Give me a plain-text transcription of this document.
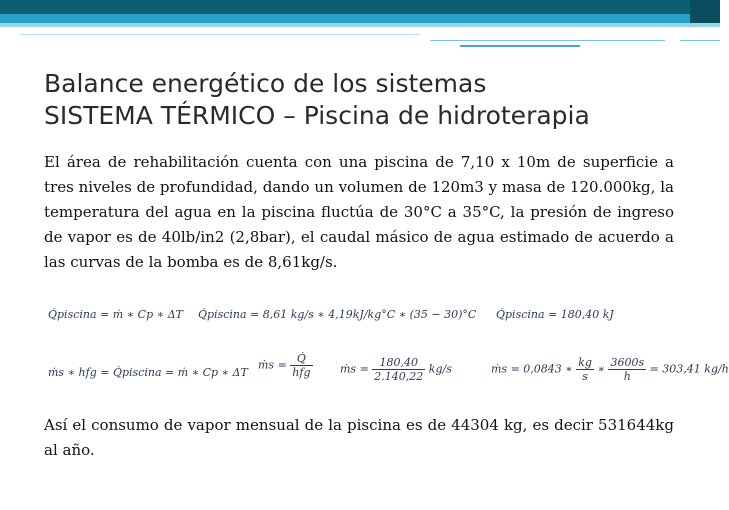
Balance energético de los sistemas
SISTEMA TÉRMICO – Piscina de hidroterapia
El área de rehabilitación cuenta con una piscina de 7,10 x 10m de superficie a tres niveles de profundidad, dando un volumen de 120m3 y masa de 120.000kg, la temperatura del agua en la piscina fluctúa de 30°C a 35°C, la presión de ingreso de vapor es de 40lb/in2 (2,8bar), el caudal másico de agua estimado de acuerdo a las curvas de la bomba es de 8,61kg/s.
Q̇piscina = ṁ ∗ Cp ∗ ΔT Q̇piscina = 8,61 kg/s ∗ 4,19kJ/kg°C ∗ (35 − 30)°C Q̇piscina = 180,40 kJ
ṁs ∗ hfg = Q̇piscina = ṁ ∗ Cp ∗ ΔT
ṁs = $\frac{Q̇}{\text{hfg}}$	ṁs = $\frac{180,40}{2.140,22} kg/s$	ṁs = 0,0843 ∗ $\frac{kg}{s}$ ∗ $\frac{3600s}{h} = 303,41$ kg/h
Así el consumo de vapor mensual de la piscina es de 44304 kg, es decir 531644kg al año.
